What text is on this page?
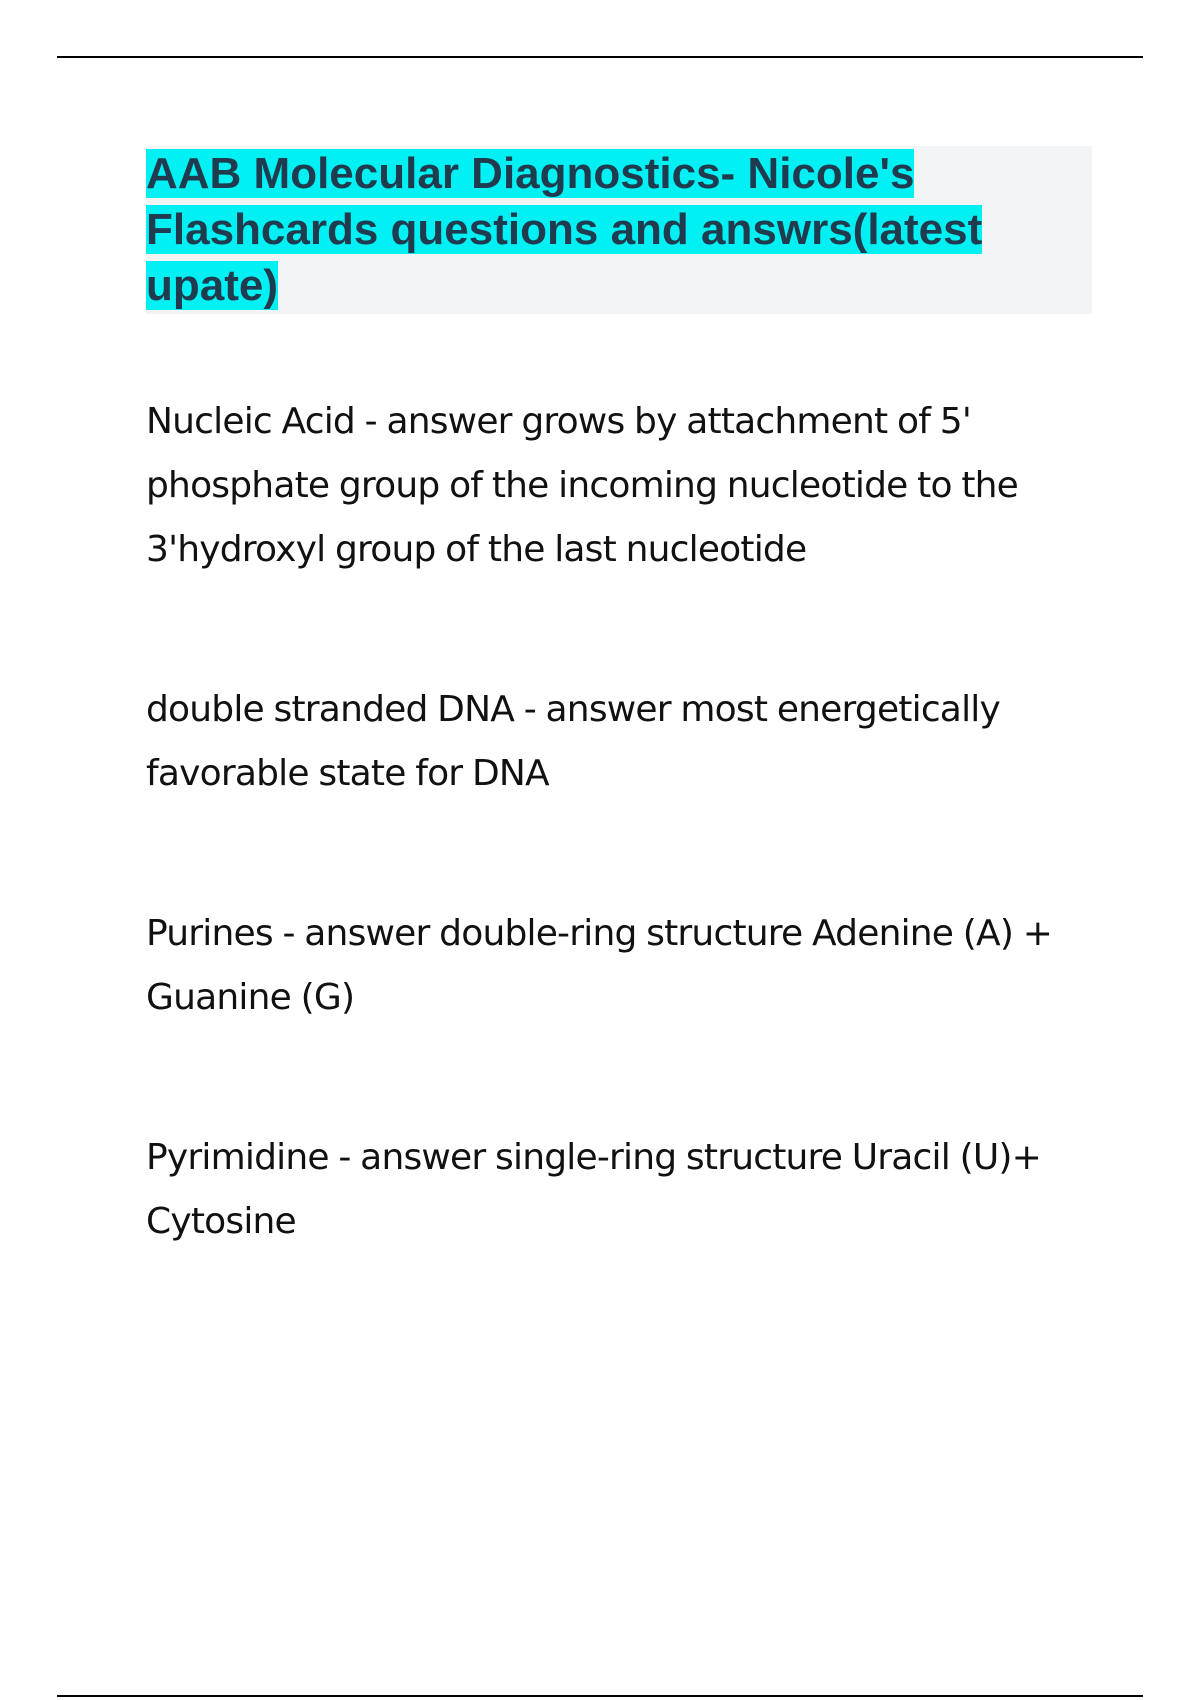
AAB Molecular Diagnostics- Nicole's Flashcards questions and answrs(latest upate)

Nucleic Acid - answer grows by attachment of 5' phosphate group of the incoming nucleotide to the 3'hydroxyl group of the last nucleotide

double stranded DNA - answer most energetically favorable state for DNA

Purines - answer double-ring structure Adenine (A) + Guanine (G)

Pyrimidine - answer single-ring structure Uracil (U)+ Cytosine
